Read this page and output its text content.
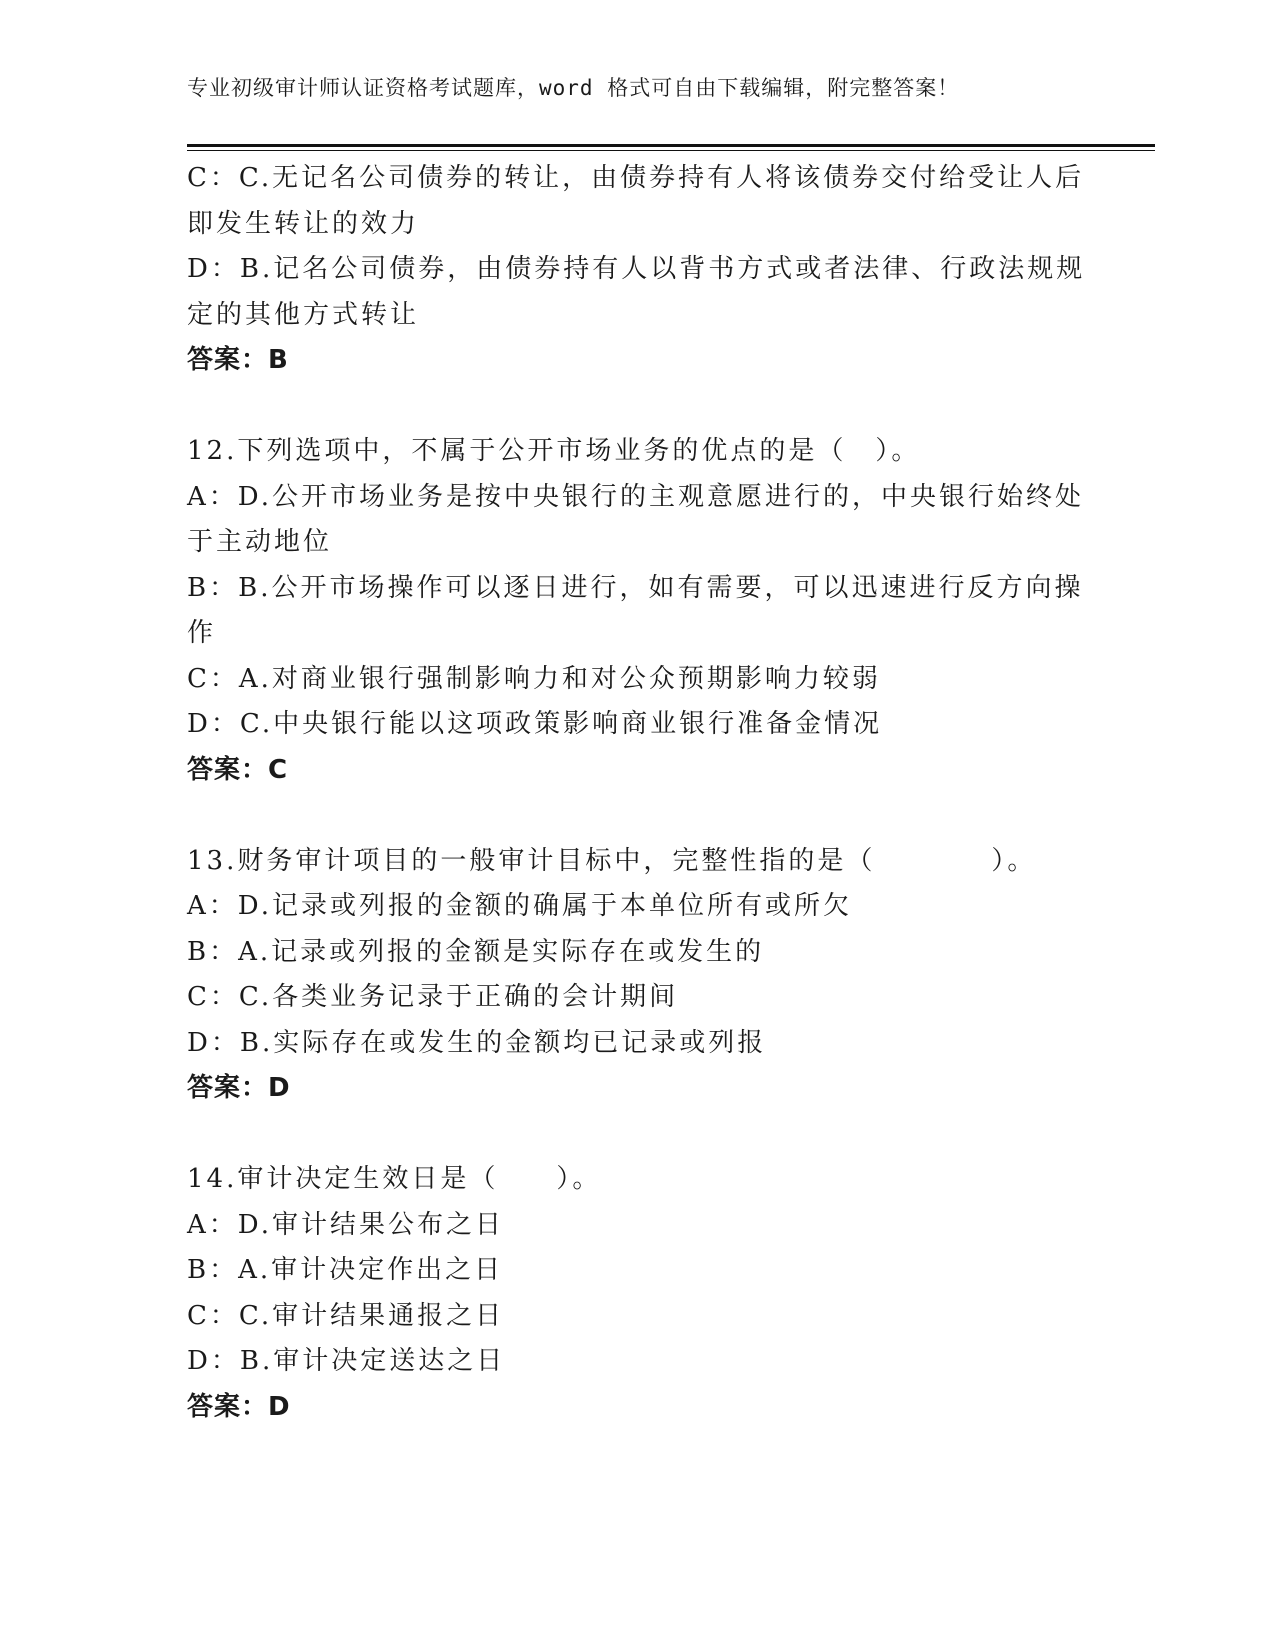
专业初级审计师认证资格考试题库，word 格式可自由下载编辑，附完整答案！
C：C.无记名公司债券的转让，由债券持有人将该债券交付给受让人后
即发生转让的效力
D：B.记名公司债券，由债券持有人以背书方式或者法律、行政法规规
定的其他方式转让
答案：B
12.下列选项中，不属于公开市场业务的优点的是（　）。
A：D.公开市场业务是按中央银行的主观意愿进行的，中央银行始终处
于主动地位
B：B.公开市场操作可以逐日进行，如有需要，可以迅速进行反方向操
作
C：A.对商业银行强制影响力和对公众预期影响力较弱
D：C.中央银行能以这项政策影响商业银行准备金情况
答案：C
13.财务审计项目的一般审计目标中，完整性指的是（　　　　）。
A：D.记录或列报的金额的确属于本单位所有或所欠
B：A.记录或列报的金额是实际存在或发生的
C：C.各类业务记录于正确的会计期间
D：B.实际存在或发生的金额均已记录或列报
答案：D
14.审计决定生效日是（　　）。
A：D.审计结果公布之日
B：A.审计决定作出之日
C：C.审计结果通报之日
D：B.审计决定送达之日
答案：D
